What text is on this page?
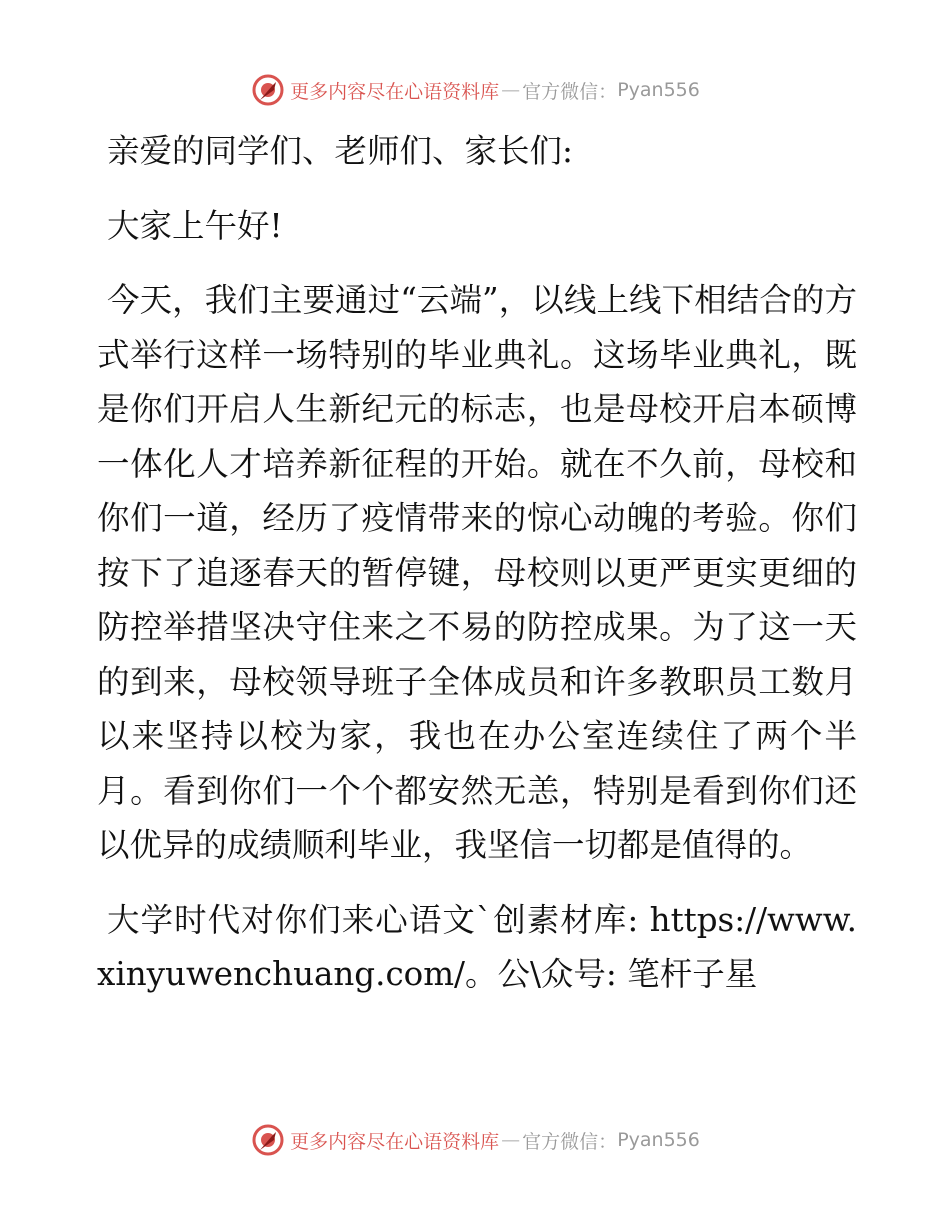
更多内容尽在心语资料库 — 官方微信： Pyan556

亲爱的同学们、老师们、家长们:

大家上午好!

今天，我们主要通过“云端”，以线上线下相结合的方式举行这样一场特别的毕业典礼。这场毕业典礼，既是你们开启人生新纪元的标志，也是母校开启本硕博一体化人才培养新征程的开始。就在不久前，母校和你们一道，经历了疫情带来的惊心动魄的考验。你们按下了追逐春天的暂停键，母校则以更严更实更细的防控举措坚决守住来之不易的防控成果。为了这一天的到来，母校领导班子全体成员和许多教职员工数月以来坚持以校为家，我也在办公室连续住了两个半月。看到你们一个个都安然无恙，特别是看到你们还以优异的成绩顺利毕业，我坚信一切都是值得的。

大学时代对你们来心语文`创素材库: https://www.xinyuwenchuang.com/。公\众号: 笔杆子星

更多内容尽在心语资料库 — 官方微信： Pyan556
